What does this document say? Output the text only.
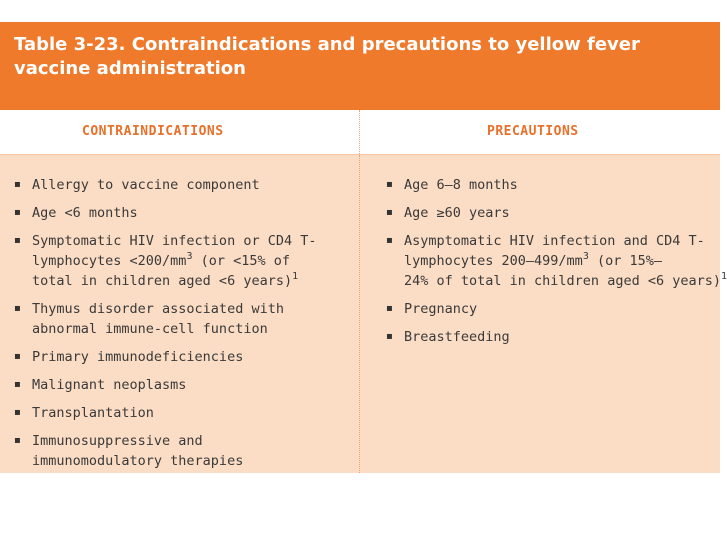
Table 3-23. Contraindications and precautions to yellow fever
vaccine administration
CONTRAINDICATIONS	PRECAUTIONS
▪ Allergy to vaccine component
▪ Age <6 months
▪ Symptomatic HIV infection or CD4 T-
lymphocytes $<200/mm^3$ (or <15% of
total in children aged <6 years)$^1$
▪ Thymus disorder associated with
abnormal immune-cell function
▪ Primary immunodeficiencies
▪ Malignant neoplasms
▪ Transplantation
▪ Immunosuppressive and
immunomodulatory therapies
▪ Age 6–8 months
▪ Age ≥60 years
▪ Asymptomatic HIV infection and CD4 T-
lymphocytes $200-499/mm^3$ (or 15%–
24% of total in children aged <6 years)$^1$
▪ Pregnancy
▪ Breastfeeding
